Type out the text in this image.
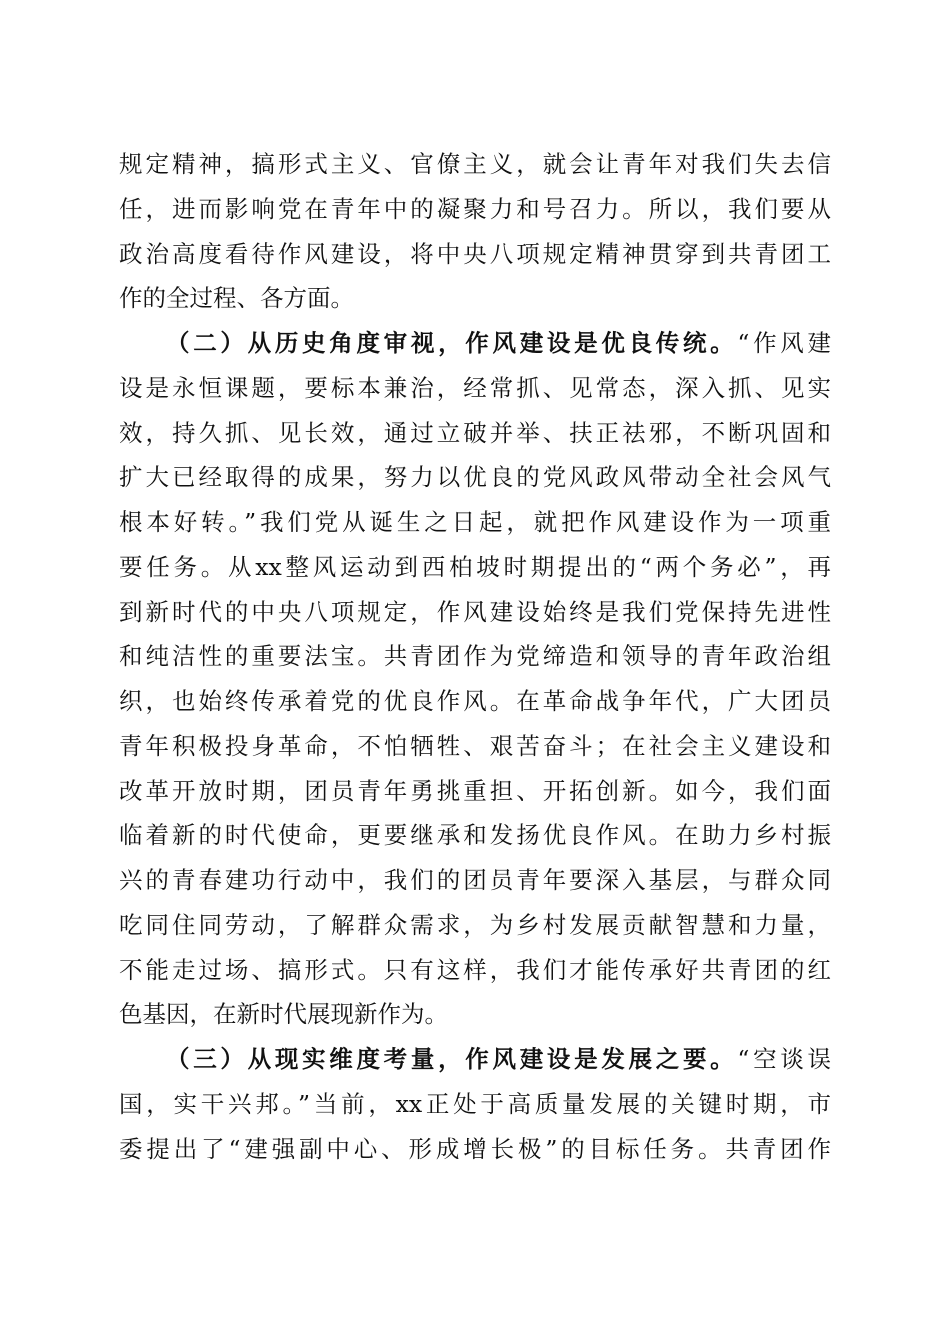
规定精神，搞形式主义、官僚主义，就会让青年对我们失去信
任，进而影响党在青年中的凝聚力和号召力。所以，我们要从
政治高度看待作风建设，将中央八项规定精神贯穿到共青团工
作的全过程、各方面。
（二）从历史角度审视，作风建设是优良传统。“作风建
设是永恒课题，要标本兼治，经常抓、见常态，深入抓、见实
效，持久抓、见长效，通过立破并举、扶正祛邪，不断巩固和
扩大已经取得的成果，努力以优良的党风政风带动全社会风气
根本好转。”我们党从诞生之日起，就把作风建设作为一项重
要任务。从xx整风运动到西柏坡时期提出的“两个务必”，再
到新时代的中央八项规定，作风建设始终是我们党保持先进性
和纯洁性的重要法宝。共青团作为党缔造和领导的青年政治组
织，也始终传承着党的优良作风。在革命战争年代，广大团员
青年积极投身革命，不怕牺牲、艰苦奋斗；在社会主义建设和
改革开放时期，团员青年勇挑重担、开拓创新。如今，我们面
临着新的时代使命，更要继承和发扬优良作风。在助力乡村振
兴的青春建功行动中，我们的团员青年要深入基层，与群众同
吃同住同劳动，了解群众需求，为乡村发展贡献智慧和力量，
不能走过场、搞形式。只有这样，我们才能传承好共青团的红
色基因，在新时代展现新作为。
（三）从现实维度考量，作风建设是发展之要。“空谈误
国，实干兴邦。”当前，xx正处于高质量发展的关键时期，市
委提出了“建强副中心、形成增长极”的目标任务。共青团作
